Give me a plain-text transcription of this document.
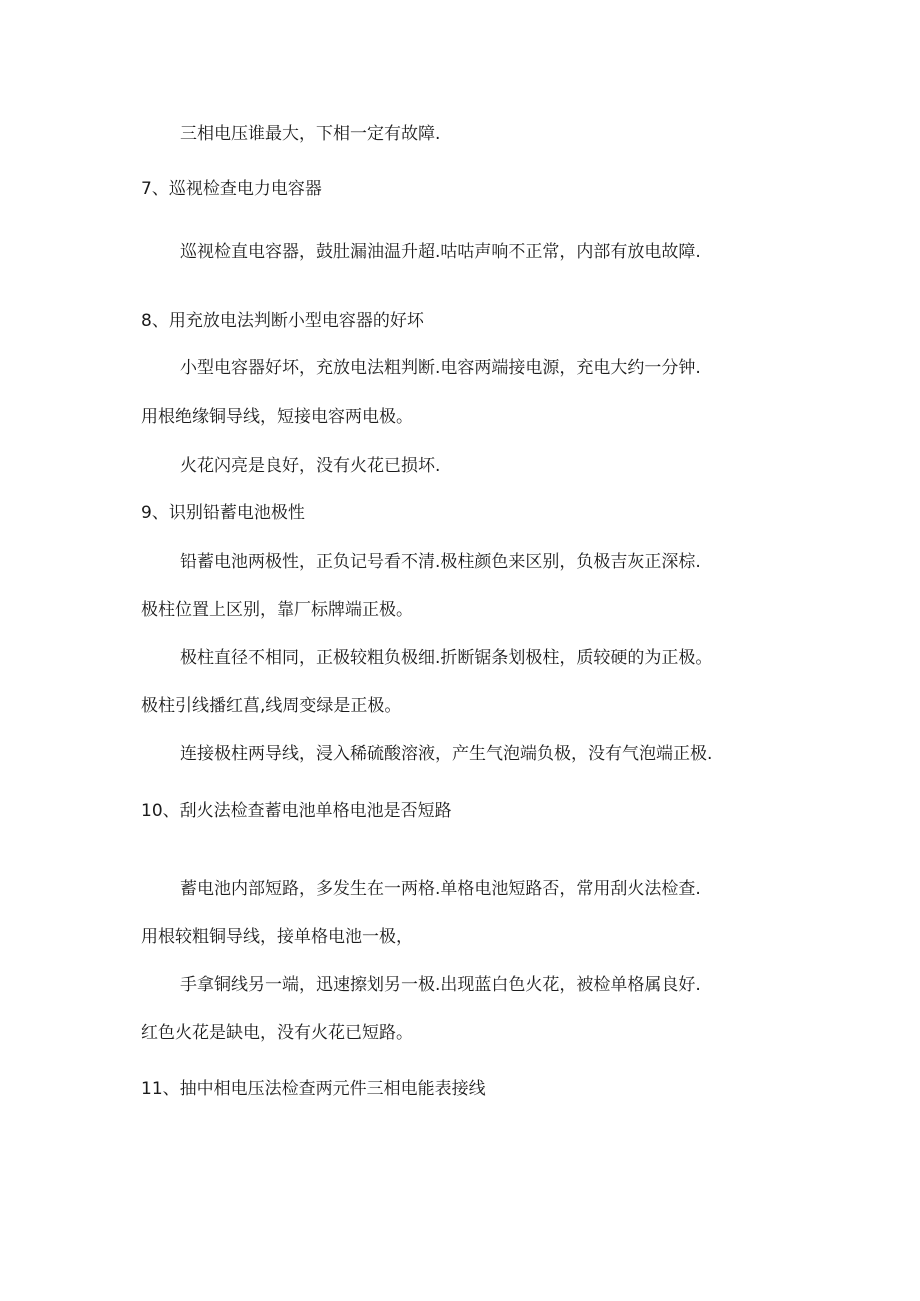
三相电压谁最大，下相一定有故障.
7、巡视检查电力电容器
巡视检直电容器，鼓肚漏油温升超.咕咕声响不正常，内部有放电故障.
8、用充放电法判断小型电容器的好坏
小型电容器好坏，充放电法粗判断.电容两端接电源，充电大约一分钟.
用根绝缘铜导线，短接电容两电极。
火花闪亮是良好，没有火花已损坏.
9、识别铅蓄电池极性
铅蓄电池两极性，正负记号看不清.极柱颜色来区别，负极吉灰正深棕.
极柱位置上区别，靠厂标牌端正极。
极柱直径不相同，正极较粗负极细.折断锯条划极柱，质较硬的为正极。
极柱引线播红菖,线周变绿是正极。
连接极柱两导线，浸入稀硫酸溶液，产生气泡端负极，没有气泡端正极.
10、刮火法检查蓄电池单格电池是否短路
蓄电池内部短路，多发生在一两格.单格电池短路否，常用刮火法检查.
用根较粗铜导线，接单格电池一极，
手拿铜线另一端，迅速擦划另一极.出现蓝白色火花，被检单格属良好.
红色火花是缺电，没有火花已短路。
11、抽中相电压法检查两元件三相电能表接线
